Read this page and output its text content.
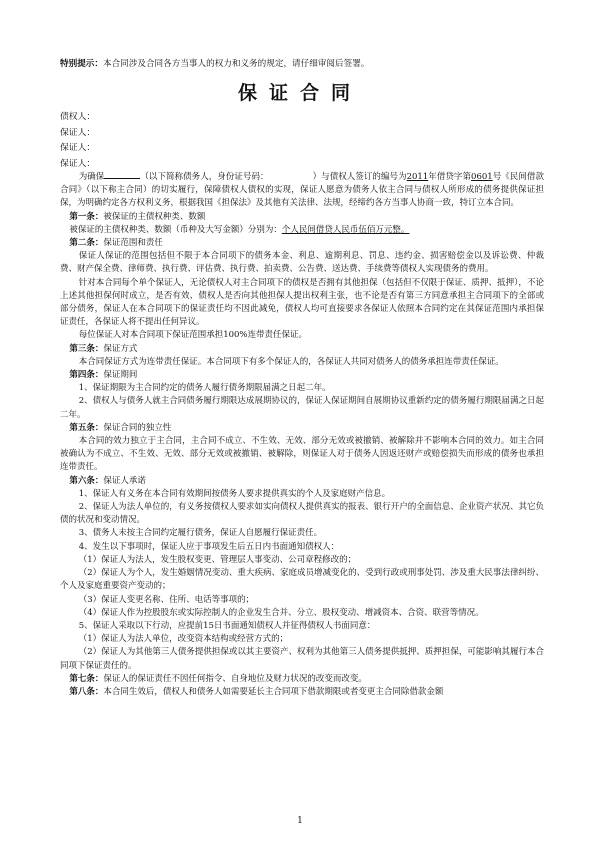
特别提示：本合同涉及合同各方当事人的权力和义务的规定，请仔细审阅后签署。
保证合同
债权人：
保证人：
保证人：
保证人：

为确保	（以下简称债务人，身份证号码：	）与债权人签订的编号为2011年借贷字第0601号《民间借款合同》（以下称主合同）的切实履行，保障债权人债权的实现，保证人愿意为债务人依主合同与债权人所形成的债务提供保证担保，为明确约定各方权利义务，根据我国《担保法》及其他有关法律、法规，经缔约各方当事人协商一致，特订立本合同。

第一条：被保证的主债权种类、数额

被保证的主债权种类、数额（币种及大写金额）分别为：个人民间借贷人民币伍佰万元整。

第二条：保证范围和责任

保证人保证的范围包括但不限于本合同项下的债务本金、利息、逾期利息、罚息、违约金、损害赔偿金以及诉讼费、仲裁费、财产保全费、律师费、执行费、评估费、执行费、拍卖费、公告费、送达费、手续费等债权人实现债务的费用。

针对本合同每个单个保证人，无论债权人对主合同项下的债权是否拥有其他担保（包括但不仅限于保证、质押、抵押），不论上述其他担保何时成立，是否有效、债权人是否向其他担保人提出权利主张，也不论是否有第三方同意承担主合同项下的全部或部分债务，保证人在本合同项下的保证责任均不因此减免，债权人均可直接要求各保证人依照本合同约定在其保证范围内承担保证责任，各保证人将不提出任何异议。

每位保证人对本合同项下保证范围承担100%连带责任保证。

第三条：保证方式

本合同保证方式为连带责任保证。本合同项下有多个保证人的，各保证人共同对债务人的债务承担连带责任保证。

第四条：保证期间

1、保证期限为主合同约定的债务人履行债务期限届满之日起二年。

2、债权人与债务人就主合同债务履行期限达成展期协议的，保证人保证期间自展期协议重新约定的债务履行期限届满之日起二年。

第五条：保证合同的独立性

本合同的效力独立于主合同，主合同不成立、不生效、无效、部分无效或被撤销、被解除并不影响本合同的效力。如主合同被确认为不成立、不生效、无效、部分无效或被撤销、被解除，则保证人对于债务人因返还财产或赔偿损失而形成的债务也承担连带责任。

第六条：保证人承诺

1、保证人有义务在本合同有效期间按债务人要求提供真实的个人及家庭财产信息。

2、保证人为法人单位的，有义务按债权人要求如实向债权人提供真实的报表、银行开户的全面信息、企业资产状况、其它负债的状况和变动情况。

3、债务人未按主合同约定履行债务，保证人自愿履行保证责任。

4、发生以下事项时，保证人应于事项发生后五日内书面通知债权人：

（1）保证人为法人，发生股权变更、管理层人事变动、公司章程修改的；

（2）保证人为个人，发生婚姻情况变动、重大疾病、家庭成员增减变化的、受到行政或刑事处罚、涉及重大民事法律纠纷、个人及家庭重要资产变动的；

（3）保证人变更名称、住所、电话等事项的；

（4）保证人作为控股股东或实际控制人的企业发生合并、分立、股权变动、增减资本、合资、联营等情况。

5、保证人采取以下行动，应提前15日书面通知债权人并征得债权人书面同意：

（1）保证人为法人单位，改变资本结构或经营方式的；

（2）保证人为其他第三人债务提供担保或以其主要资产、权利为其他第三人债务提供抵押、质押担保，可能影响其履行本合同项下保证责任的。

第七条：保证人的保证责任不因任何指令、自身地位及财力状况的改变而改变。

第八条：本合同生效后，债权人和债务人如需要延长主合同项下借款期限或者变更主合同除借款金额

1
